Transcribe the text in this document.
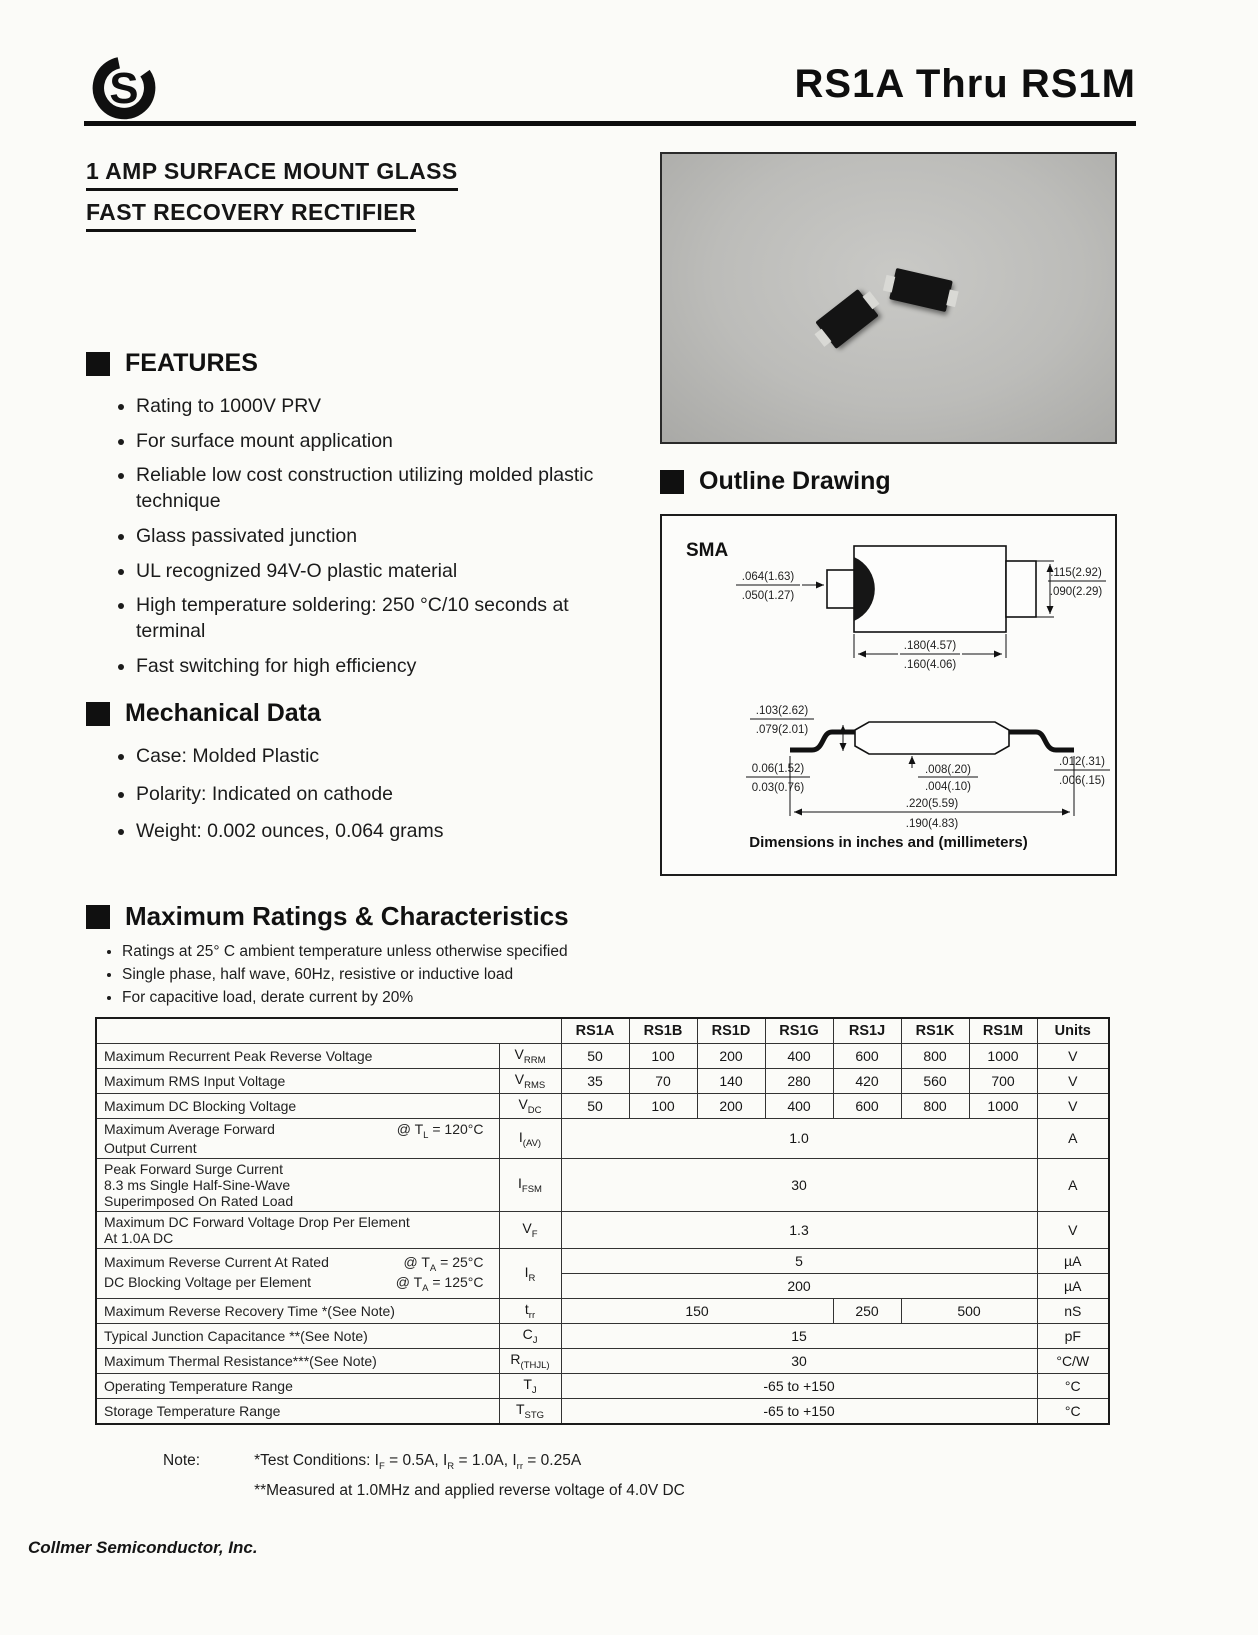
S	RS1A Thru RS1M
1 AMP SURFACE MOUNT GLASS
FAST RECOVERY RECTIFIER
FEATURES
• Rating to 1000V PRV
• For surface mount application
• Reliable low cost construction utilizing molded plastic technique
• Glass passivated junction
• UL recognized 94V-O plastic material
• High temperature soldering: 250 °C/10 seconds at terminal
• Fast switching for high efficiency
Mechanical Data
• Case: Molded Plastic
• Polarity: Indicated on cathode
• Weight: 0.002 ounces, 0.064 grams
Outline Drawing
SMA
.064(1.63)
.050(1.27)
.115(2.92)
.090(2.29)
.180(4.57)
.160(4.06)
.103(2.62)
.079(2.01)
0.06(1.52)
0.03(0.76)
.008(.20)
.004(.10)
.012(.31)
.006(.15)
.220(5.59)
.190(4.83)
Dimensions in inches and (millimeters)
Maximum Ratings & Characteristics
• Ratings at 25° C ambient temperature unless otherwise specified
• Single phase, half wave, 60Hz, resistive or inductive load
• For capacitive load, derate current by 20%
		RS1A	RS1B	RS1D	RS1G	RS1J	RS1K	RS1M	Units
Maximum Recurrent Peak Reverse Voltage	$V_{RRM}$	50	100	200	400	600	800	1000	V
Maximum RMS Input Voltage	$V_{RMS}$	35	70	140	280	420	560	700	V
Maximum DC Blocking Voltage	$V_{DC}$	50	100	200	400	600	800	1000	V

Maximum Average Forward @ $T_L = 120^\circ C$
Output Current	$I_{(AV)}$	1.0							A

Peak Forward Surge Current
8.3 ms Single Half-Sine-Wave
Superimposed On Rated Load	$I_{FSM}$	30							A

Maximum DC Forward Voltage Drop Per Element
At 1.0A DC	$V_F$	1.3							V

Maximum Reverse Current At Rated @ $T_A = 25^\circ C$
DC Blocking Voltage per Element @ $T_A = 125^\circ C$	$I_R$	5							µA
		200							µA
Maximum Reverse Recovery Time *(See Note)	$t_{rr}$	150				250	500		nS
Typical Junction Capacitance **(See Note)	$C_J$	15							pF
Maximum Thermal Resistance***(See Note)	$R_{(THJL)}$	30							°C/W
Operating Temperature Range	$T_J$	-65 to +150							°C
Storage Temperature Range	$T_{STG}$	-65 to +150							°C
Note:	*Test Conditions: $I_F = 0.5A$, $I_R = 1.0A$, $I_{rr} = 0.25A$
**Measured at 1.0MHz and applied reverse voltage of 4.0V DC
Collmer Semiconductor, Inc.
